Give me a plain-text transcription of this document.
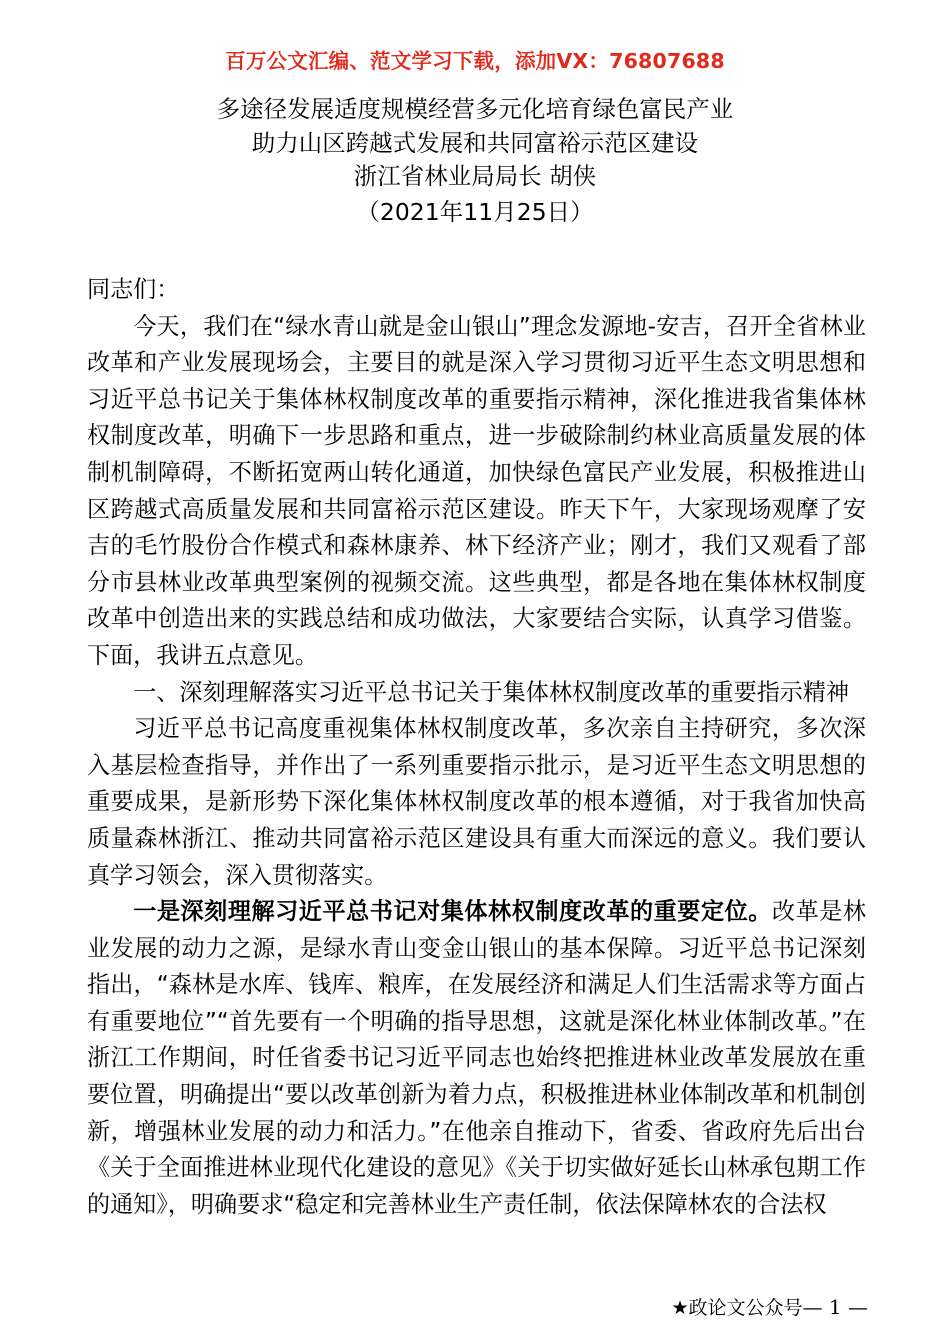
百万公文汇编、范文学习下载，添加VX：76807688
多途径发展适度规模经营多元化培育绿色富民产业
助力山区跨越式发展和共同富裕示范区建设
浙江省林业局局长 胡侠
（2021年11月25日）

同志们：

今天，我们在“绿水青山就是金山银山”理念发源地-安吉，召开全省林业改革和产业发展现场会，主要目的就是深入学习贯彻习近平生态文明思想和习近平总书记关于集体林权制度改革的重要指示精神，深化推进我省集体林权制度改革，明确下一步思路和重点，进一步破除制约林业高质量发展的体制机制障碍，不断拓宽两山转化通道，加快绿色富民产业发展，积极推进山区跨越式高质量发展和共同富裕示范区建设。昨天下午，大家现场观摩了安吉的毛竹股份合作模式和森林康养、林下经济产业；刚才，我们又观看了部分市县林业改革典型案例的视频交流。这些典型，都是各地在集体林权制度改革中创造出来的实践总结和成功做法，大家要结合实际，认真学习借鉴。下面，我讲五点意见。

一、深刻理解落实习近平总书记关于集体林权制度改革的重要指示精神

习近平总书记高度重视集体林权制度改革，多次亲自主持研究，多次深入基层检查指导，并作出了一系列重要指示批示，是习近平生态文明思想的重要成果，是新形势下深化集体林权制度改革的根本遵循，对于我省加快高质量森林浙江、推动共同富裕示范区建设具有重大而深远的意义。我们要认真学习领会，深入贯彻落实。

一是深刻理解习近平总书记对集体林权制度改革的重要定位。改革是林业发展的动力之源，是绿水青山变金山银山的基本保障。习近平总书记深刻指出，“森林是水库、钱库、粮库，在发展经济和满足人们生活需求等方面占有重要地位”“首先要有一个明确的指导思想，这就是深化林业体制改革。”在浙江工作期间，时任省委书记习近平同志也始终把推进林业改革发展放在重要位置，明确提出“要以改革创新为着力点，积极推进林业体制改革和机制创新，增强林业发展的动力和活力。”在他亲自推动下，省委、省政府先后出台《关于全面推进林业现代化建设的意见》《关于切实做好延长山林承包期工作的通知》，明确要求“稳定和完善林业生产责任制，依法保障林农的合法权

★政论文公众号— 1 —
